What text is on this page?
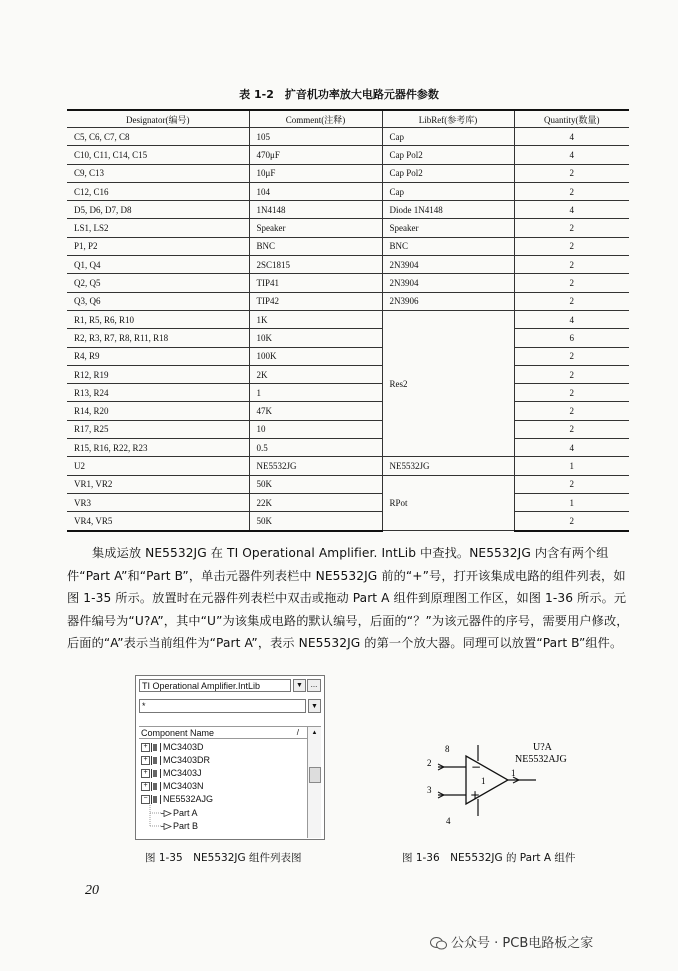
表 1-2　扩音机功率放大电路元器件参数
Designator(编号)	Comment(注释)	LibRef(参考库)	Quantity(数量)
C5, C6, C7, C8	105	Cap	4
C10, C11, C14, C15	470μF	Cap Pol2	4
C9, C13	10μF	Cap Pol2	2
C12, C16	104	Cap	2
D5, D6, D7, D8	1N4148	Diode 1N4148	4
LS1, LS2	Speaker	Speaker	2
P1, P2	BNC	BNC	2
Q1, Q4	2SC1815	2N3904	2
Q2, Q5	TIP41	2N3904	2
Q3, Q6	TIP42	2N3906	2
R1, R5, R6, R10	1K	Res2	4
R2, R3, R7, R8, R11, R18	10K		6
R4, R9	100K		2
R12, R19	2K		2
R13, R24	1		2
R14, R20	47K		2
R17, R25	10		2
R15, R16, R22, R23	0.5		4
U2	NE5532JG	NE5532JG	1
VR1, VR2	50K	RPot	2
VR3	22K		1
VR4, VR5	50K		2

集成运放 NE5532JG 在 TI Operational Amplifier. IntLib 中查找。NE5532JG 内含有两个组件“Part A”和“Part B”，单击元器件列表栏中 NE5532JG 前的“+”号，打开该集成电路的组件列表，如图 1-35 所示。放置时在元器件列表栏中双击或拖动 Part A 组件到原理图工作区，如图 1-36 所示。元器件编号为“U?A”，其中“U”为该集成电路的默认编号，后面的“？”为该元器件的序号，需要用户修改，后面的“A”表示当前组件为“Part A”，表示 NE5532JG 的第一个放大器。同理可以放置“Part B”组件。

TI Operational Amplifier.IntLib	▼ ...
*	▼
Component Name	/	▲
+ MC3403D
+ MC3403DR
+ MC3403J
+ MC3403N
− NE5532AJG
Part A
Part B
图 1-35　NE5532JG 组件列表图
−
+
1
8
2
3
1
4
U?A
NE5532AJG
图 1-36　NE5532JG 的 Part A 组件
20
公众号 · PCB电路板之家
